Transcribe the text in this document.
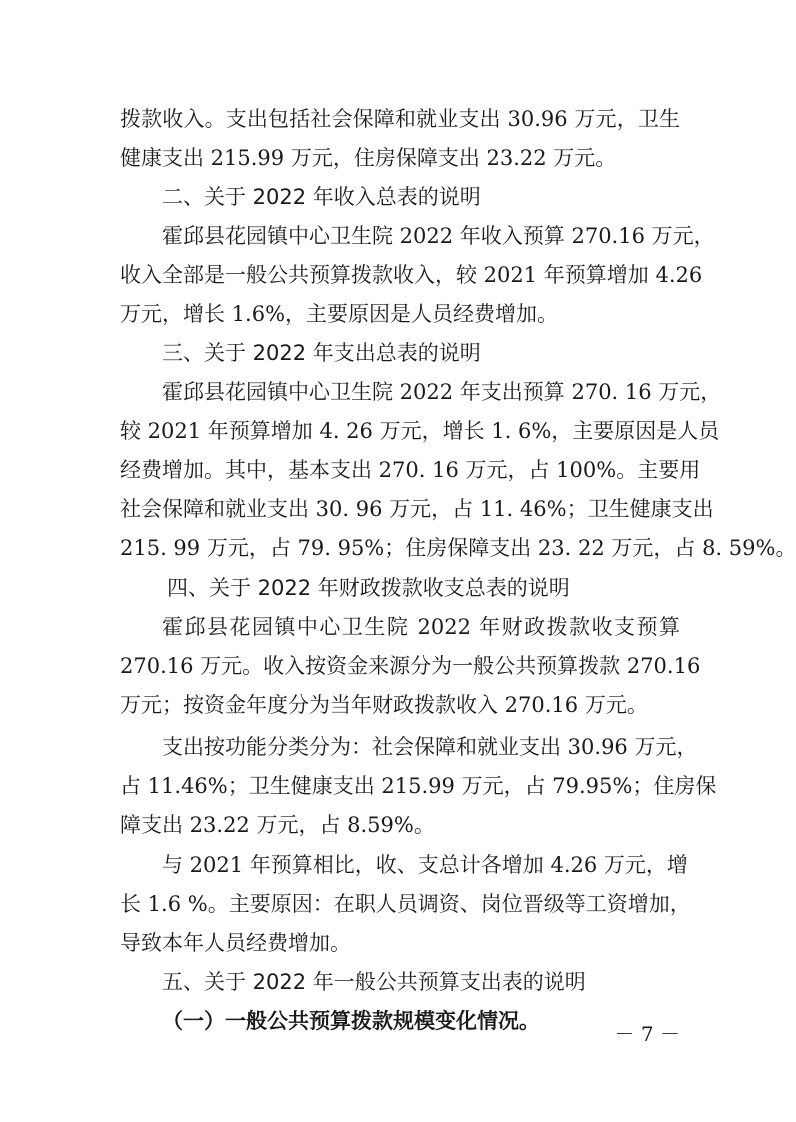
拨款收入。支出包括社会保障和就业支出 30.96 万元，卫生
健康支出 215.99 万元，住房保障支出 23.22 万元。
二、关于 2022 年收入总表的说明
霍邱县花园镇中心卫生院 2022 年收入预算 270.16 万元，
收入全部是一般公共预算拨款收入，较 2021 年预算增加 4.26
万元，增长 1.6%，主要原因是人员经费增加。
三、关于 2022 年支出总表的说明
霍邱县花园镇中心卫生院 2022 年支出预算 270. 16 万元，
较 2021 年预算增加 4. 26 万元，增长 1. 6%，主要原因是人员
经费增加。其中，基本支出 270. 16 万元，占 100%。主要用
社会保障和就业支出 30. 96 万元，占 11. 46%；卫生健康支出
215. 99 万元，占 79. 95%；住房保障支出 23. 22 万元，占 8. 59%。
四、关于 2022 年财政拨款收支总表的说明
霍邱县花园镇中心卫生院 2022 年财政拨款收支预算
270.16 万元。收入按资金来源分为一般公共预算拨款 270.16
万元；按资金年度分为当年财政拨款收入 270.16 万元。
支出按功能分类分为：社会保障和就业支出 30.96 万元，
占 11.46%；卫生健康支出 215.99 万元，占 79.95%；住房保
障支出 23.22 万元，占 8.59%。
与 2021 年预算相比，收、支总计各增加 4.26 万元，增
长 1.6 %。主要原因：在职人员调资、岗位晋级等工资增加，
导致本年人员经费增加。
五、关于 2022 年一般公共预算支出表的说明
（一）一般公共预算拨款规模变化情况。
－ 7 －
